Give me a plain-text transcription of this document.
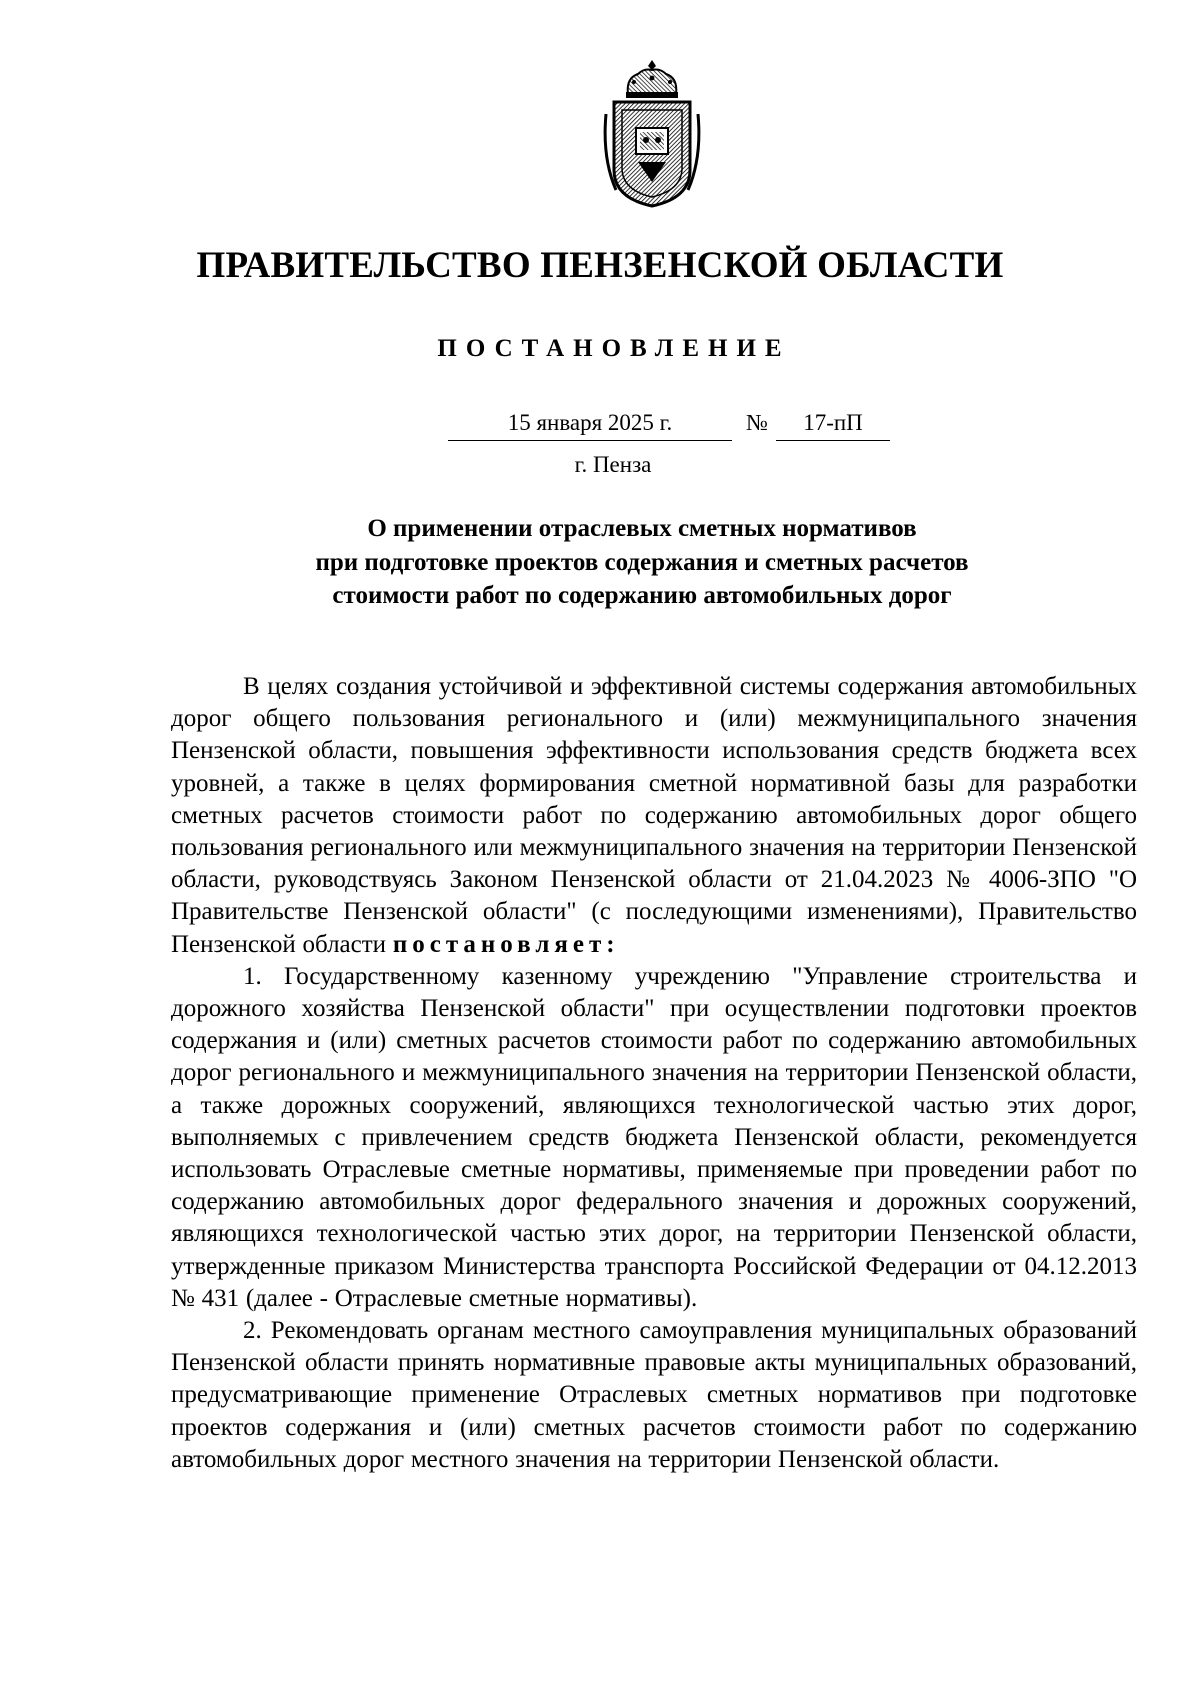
ПРАВИТЕЛЬСТВО ПЕНЗЕНСКОЙ ОБЛАСТИ
ПОСТАНОВЛЕНИЕ
15 января 2025 г.	№	17-пП
г. Пенза
О применении отраслевых сметных нормативов
при подготовке проектов содержания и сметных расчетов
стоимости работ по содержанию автомобильных дорог

В целях создания устойчивой и эффективной системы содержания автомобильных дорог общего пользования регионального и (или) межмуниципального значения Пензенской области, повышения эффективности использования средств бюджета всех уровней, а также в целях формирования сметной нормативной базы для разработки сметных расчетов стоимости работ по содержанию автомобильных дорог общего пользования регионального или межмуниципального значения на территории Пензенской области, руководствуясь Законом Пензенской области от 21.04.2023 № 4006-ЗПО "О Правительстве Пензенской области" (с последующими изменениями), Правительство Пензенской области постановляет:

1. Государственному казенному учреждению "Управление строительства и дорожного хозяйства Пензенской области" при осуществлении подготовки проектов содержания и (или) сметных расчетов стоимости работ по содержанию автомобильных дорог регионального и межмуниципального значения на территории Пензенской области, а также дорожных сооружений, являющихся технологической частью этих дорог, выполняемых с привлечением средств бюджета Пензенской области, рекомендуется использовать Отраслевые сметные нормативы, применяемые при проведении работ по содержанию автомобильных дорог федерального значения и дорожных сооружений, являющихся технологической частью этих дорог, на территории Пензенской области, утвержденные приказом Министерства транспорта Российской Федерации от 04.12.2013 № 431 (далее - Отраслевые сметные нормативы).

2. Рекомендовать органам местного самоуправления муниципальных образований Пензенской области принять нормативные правовые акты муниципальных образований, предусматривающие применение Отраслевых сметных нормативов при подготовке проектов содержания и (или) сметных расчетов стоимости работ по содержанию автомобильных дорог местного значения на территории Пензенской области.
